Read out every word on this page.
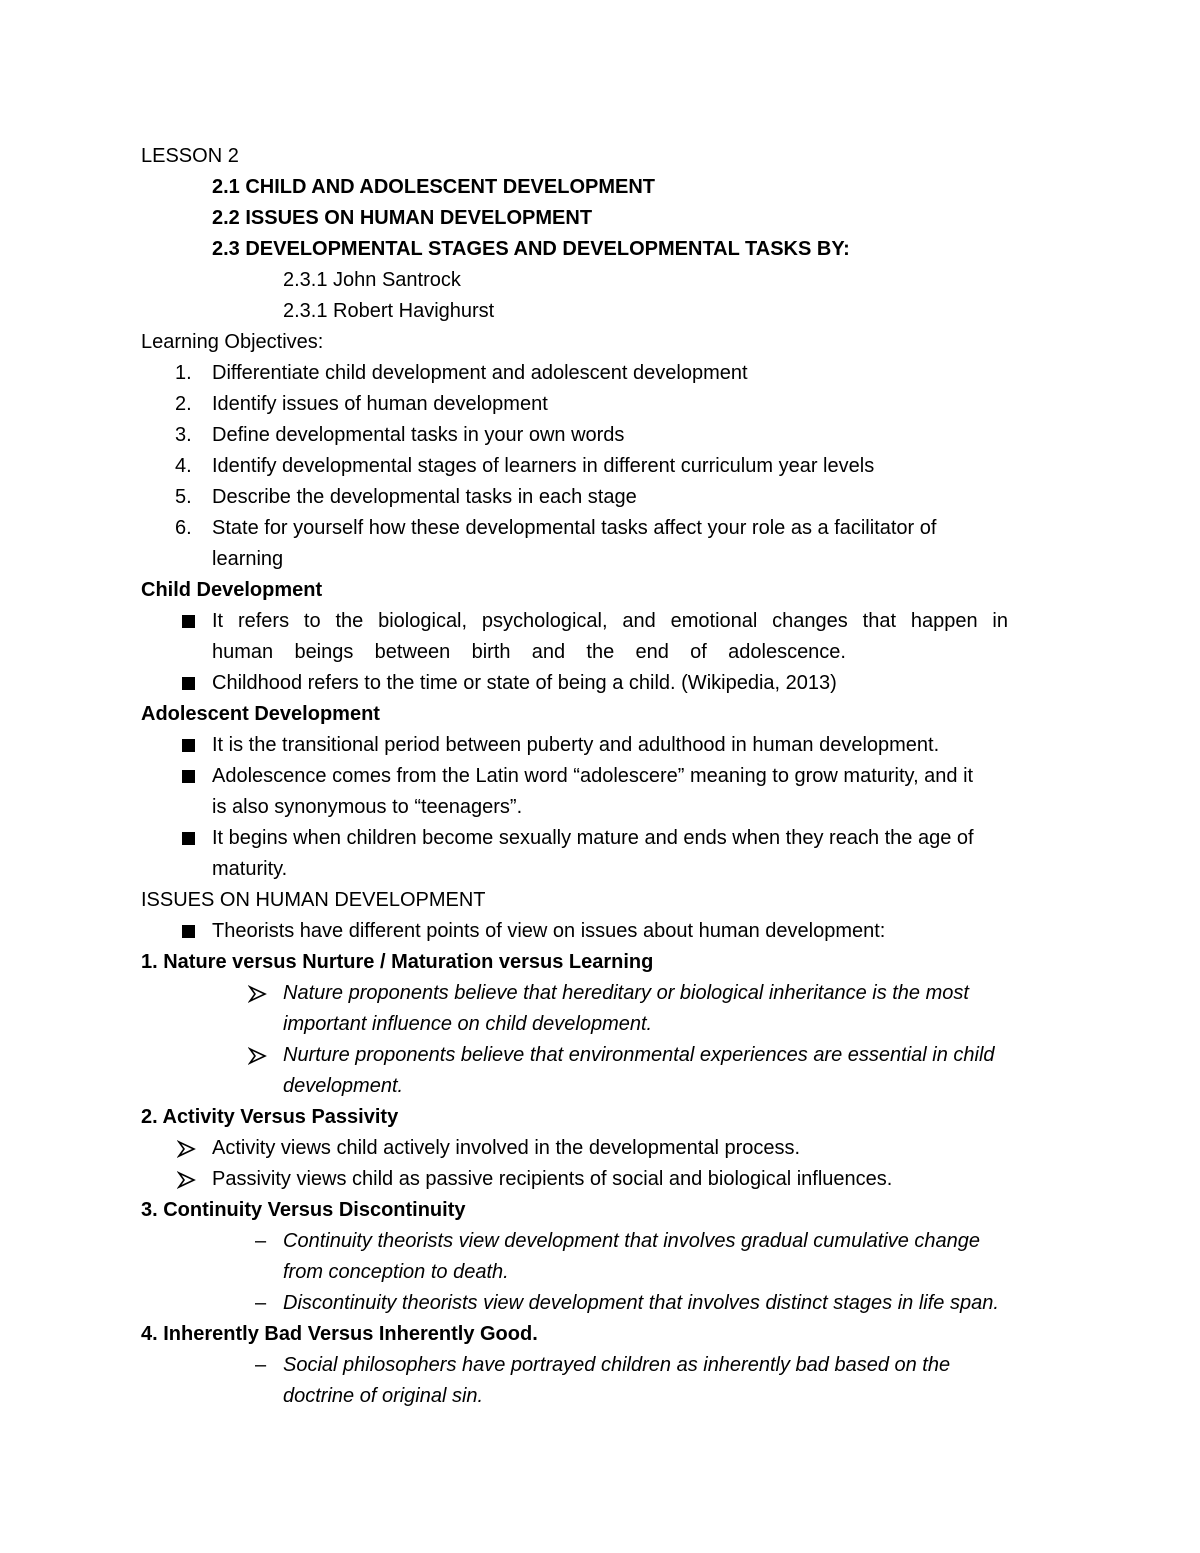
LESSON 2
2.1 CHILD AND ADOLESCENT DEVELOPMENT
2.2 ISSUES ON HUMAN DEVELOPMENT
2.3 DEVELOPMENTAL STAGES AND DEVELOPMENTAL TASKS BY:
2.3.1 John Santrock
2.3.1 Robert Havighurst
Learning Objectives:
1. Differentiate child development and adolescent development
2. Identify issues of human development
3. Define developmental tasks in your own words
4. Identify developmental stages of learners in different curriculum year levels
5. Describe the developmental tasks in each stage
6. State for yourself how these developmental tasks affect your role as a facilitator of
learning
Child Development
It refers to the biological, psychological, and emotional changes that happen in
human beings between birth and the end of adolescence.
Childhood refers to the time or state of being a child. (Wikipedia, 2013)
Adolescent Development
It is the transitional period between puberty and adulthood in human development.
Adolescence comes from the Latin word “adolescere” meaning to grow maturity, and it
is also synonymous to “teenagers”.
It begins when children become sexually mature and ends when they reach the age of
maturity.
ISSUES ON HUMAN DEVELOPMENT
Theorists have different points of view on issues about human development:
1. Nature versus Nurture / Maturation versus Learning
Nature proponents believe that hereditary or biological inheritance is the most
important influence on child development.
Nurture proponents believe that environmental experiences are essential in child
development.
2. Activity Versus Passivity
Activity views child actively involved in the developmental process.
Passivity views child as passive recipients of social and biological influences.
3. Continuity Versus Discontinuity
– Continuity theorists view development that involves gradual cumulative change
from conception to death.
– Discontinuity theorists view development that involves distinct stages in life span.
4. Inherently Bad Versus Inherently Good.
– Social philosophers have portrayed children as inherently bad based on the
doctrine of original sin.
